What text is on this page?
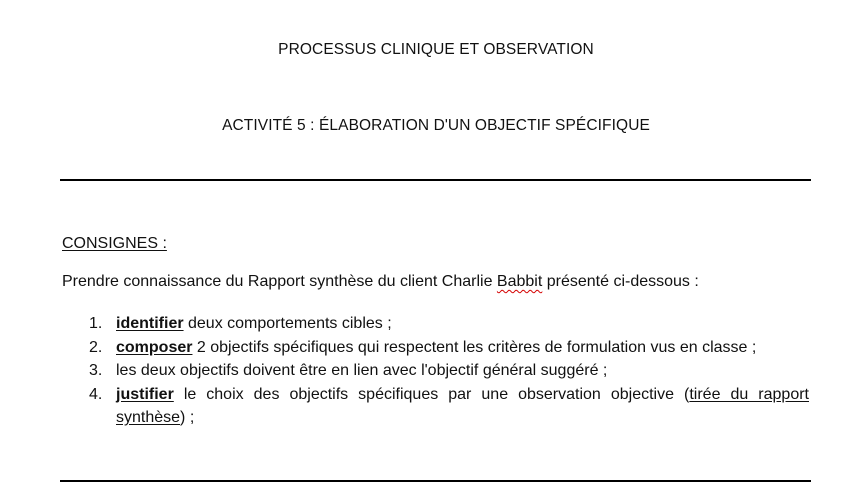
PROCESSUS CLINIQUE ET OBSERVATION
ACTIVITÉ 5 : ÉLABORATION D'UN OBJECTIF SPÉCIFIQUE
CONSIGNES :
Prendre connaissance du Rapport synthèse du client Charlie Babbit présenté ci-dessous :
1. identifier deux comportements cibles ;
2. composer 2 objectifs spécifiques qui respectent les critères de formulation vus en classe ;
3. les deux objectifs doivent être en lien avec l'objectif général suggéré ;
4. justifier le choix des objectifs spécifiques par une observation objective (tirée du rapport synthèse) ;
